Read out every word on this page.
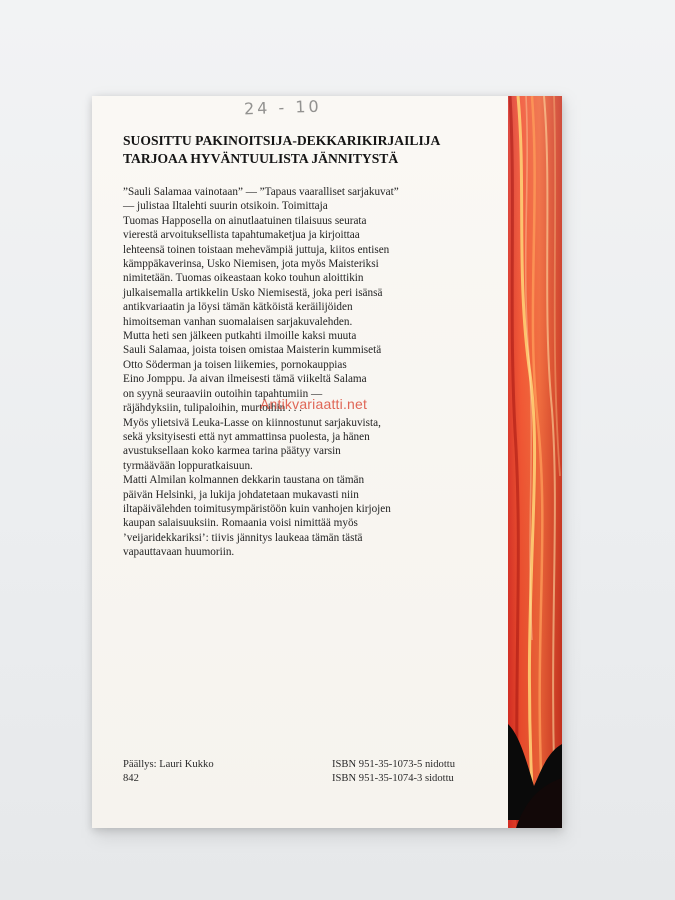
24 - 10
SUOSITTU PAKINOITSIJA-DEKKARIKIRJAILIJA
TARJOAA HYVÄNTUULISTA JÄNNITYSTÄ
”Sauli Salamaa vainotaan” — ”Tapaus vaaralliset sarjakuvat”
— julistaa Iltalehti suurin otsikoin. Toimittaja
Tuomas Happosella on ainutlaatuinen tilaisuus seurata
vierestä arvoituksellista tapahtumaketjua ja kirjoittaa
lehteensä toinen toistaan mehevämpiä juttuja, kiitos entisen
kämppäkaverinsa, Usko Niemisen, jota myös Maisteriksi
nimitetään. Tuomas oikeastaan koko touhun aloittikin
julkaisemalla artikkelin Usko Niemisestä, joka peri isänsä
antikvariaatin ja löysi tämän kätköistä keräilijöiden
himoitseman vanhan suomalaisen sarjakuvalehden.
Mutta heti sen jälkeen putkahti ilmoille kaksi muuta
Sauli Salamaa, joista toisen omistaa Maisterin kummisetä
Otto Söderman ja toisen liikemies, pornokauppias
Eino Jomppu. Ja aivan ilmeisesti tämä viikeltä Salama
on syynä seuraaviin outoihin tapahtumiin —
räjähdyksiin, tulipaloihin, murtoihin . . .
Myös ylietsivä Leuka-Lasse on kiinnostunut sarjakuvista,
sekä yksityisesti että nyt ammattinsa puolesta, ja hänen
avustuksellaan koko karmea tarina päätyy varsin
tyrmäävään loppuratkaisuun.
Matti Almilan kolmannen dekkarin taustana on tämän
päivän Helsinki, ja lukija johdatetaan mukavasti niin
iltapäivälehden toimitusympäristöön kuin vanhojen kirjojen
kaupan salaisuuksiin. Romaania voisi nimittää myös
’veijaridekkariksi’: tiivis jännitys laukeaa tämän tästä
vapauttavaan huumoriin.
Antikvariaatti.net
Päällys: Lauri Kukko
842
ISBN 951-35-1073-5 nidottu
ISBN 951-35-1074-3 sidottu
